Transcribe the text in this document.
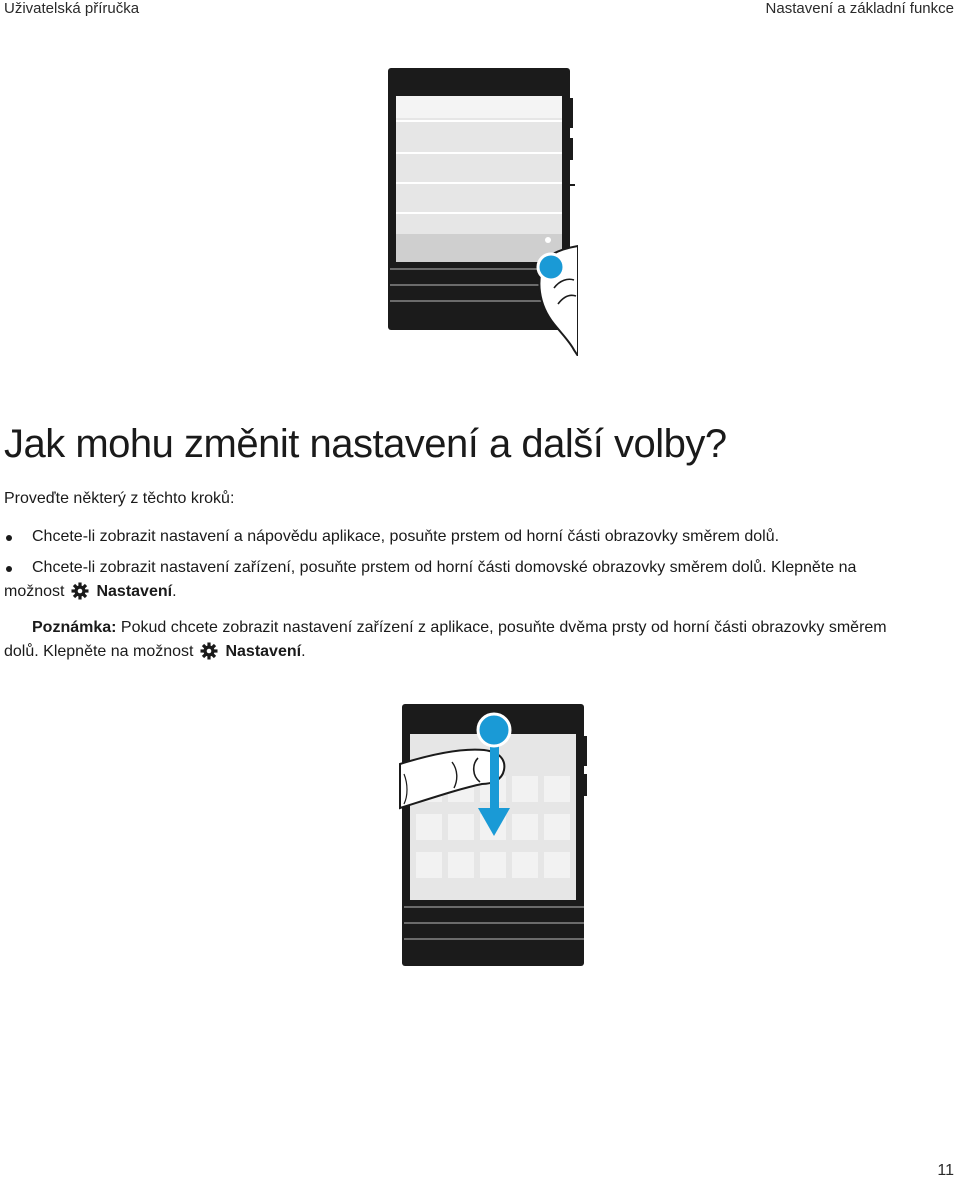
Uživatelská příručka	Nastavení a základní funkce
Jak mohu změnit nastavení a další volby?

Proveďte některý z těchto kroků:

Chcete-li zobrazit nastavení a nápovědu aplikace, posuňte prstem od horní části obrazovky směrem dolů.
Chcete-li zobrazit nastavení zařízení, posuňte prstem od horní části domovské obrazovky směrem dolů. Klepněte na
možnost Nastavení.

Poznámka: Pokud chcete zobrazit nastavení zařízení z aplikace, posuňte dvěma prsty od horní části obrazovky směrem
dolů. Klepněte na možnost Nastavení.

11
